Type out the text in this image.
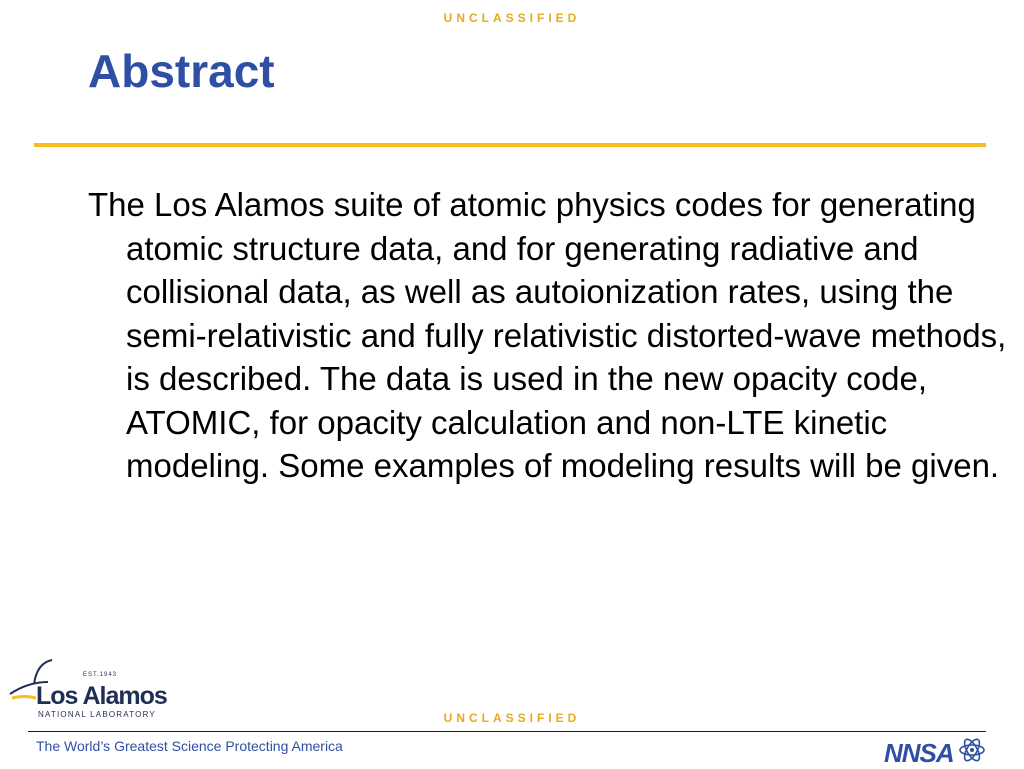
UNCLASSIFIED
Abstract

The Los Alamos suite of atomic physics codes for generating atomic structure data, and for generating radiative and collisional data, as well as autoionization rates, using the semi-relativistic and fully relativistic distorted-wave methods, is described. The data is used in the new opacity code, ATOMIC, for opacity calculation and non-LTE kinetic modeling. Some examples of modeling results will be given.

EST.1943
Los Alamos
NATIONAL LABORATORY	UNCLASSIFIED
The World’s Greatest Science Protecting America	NNSA
